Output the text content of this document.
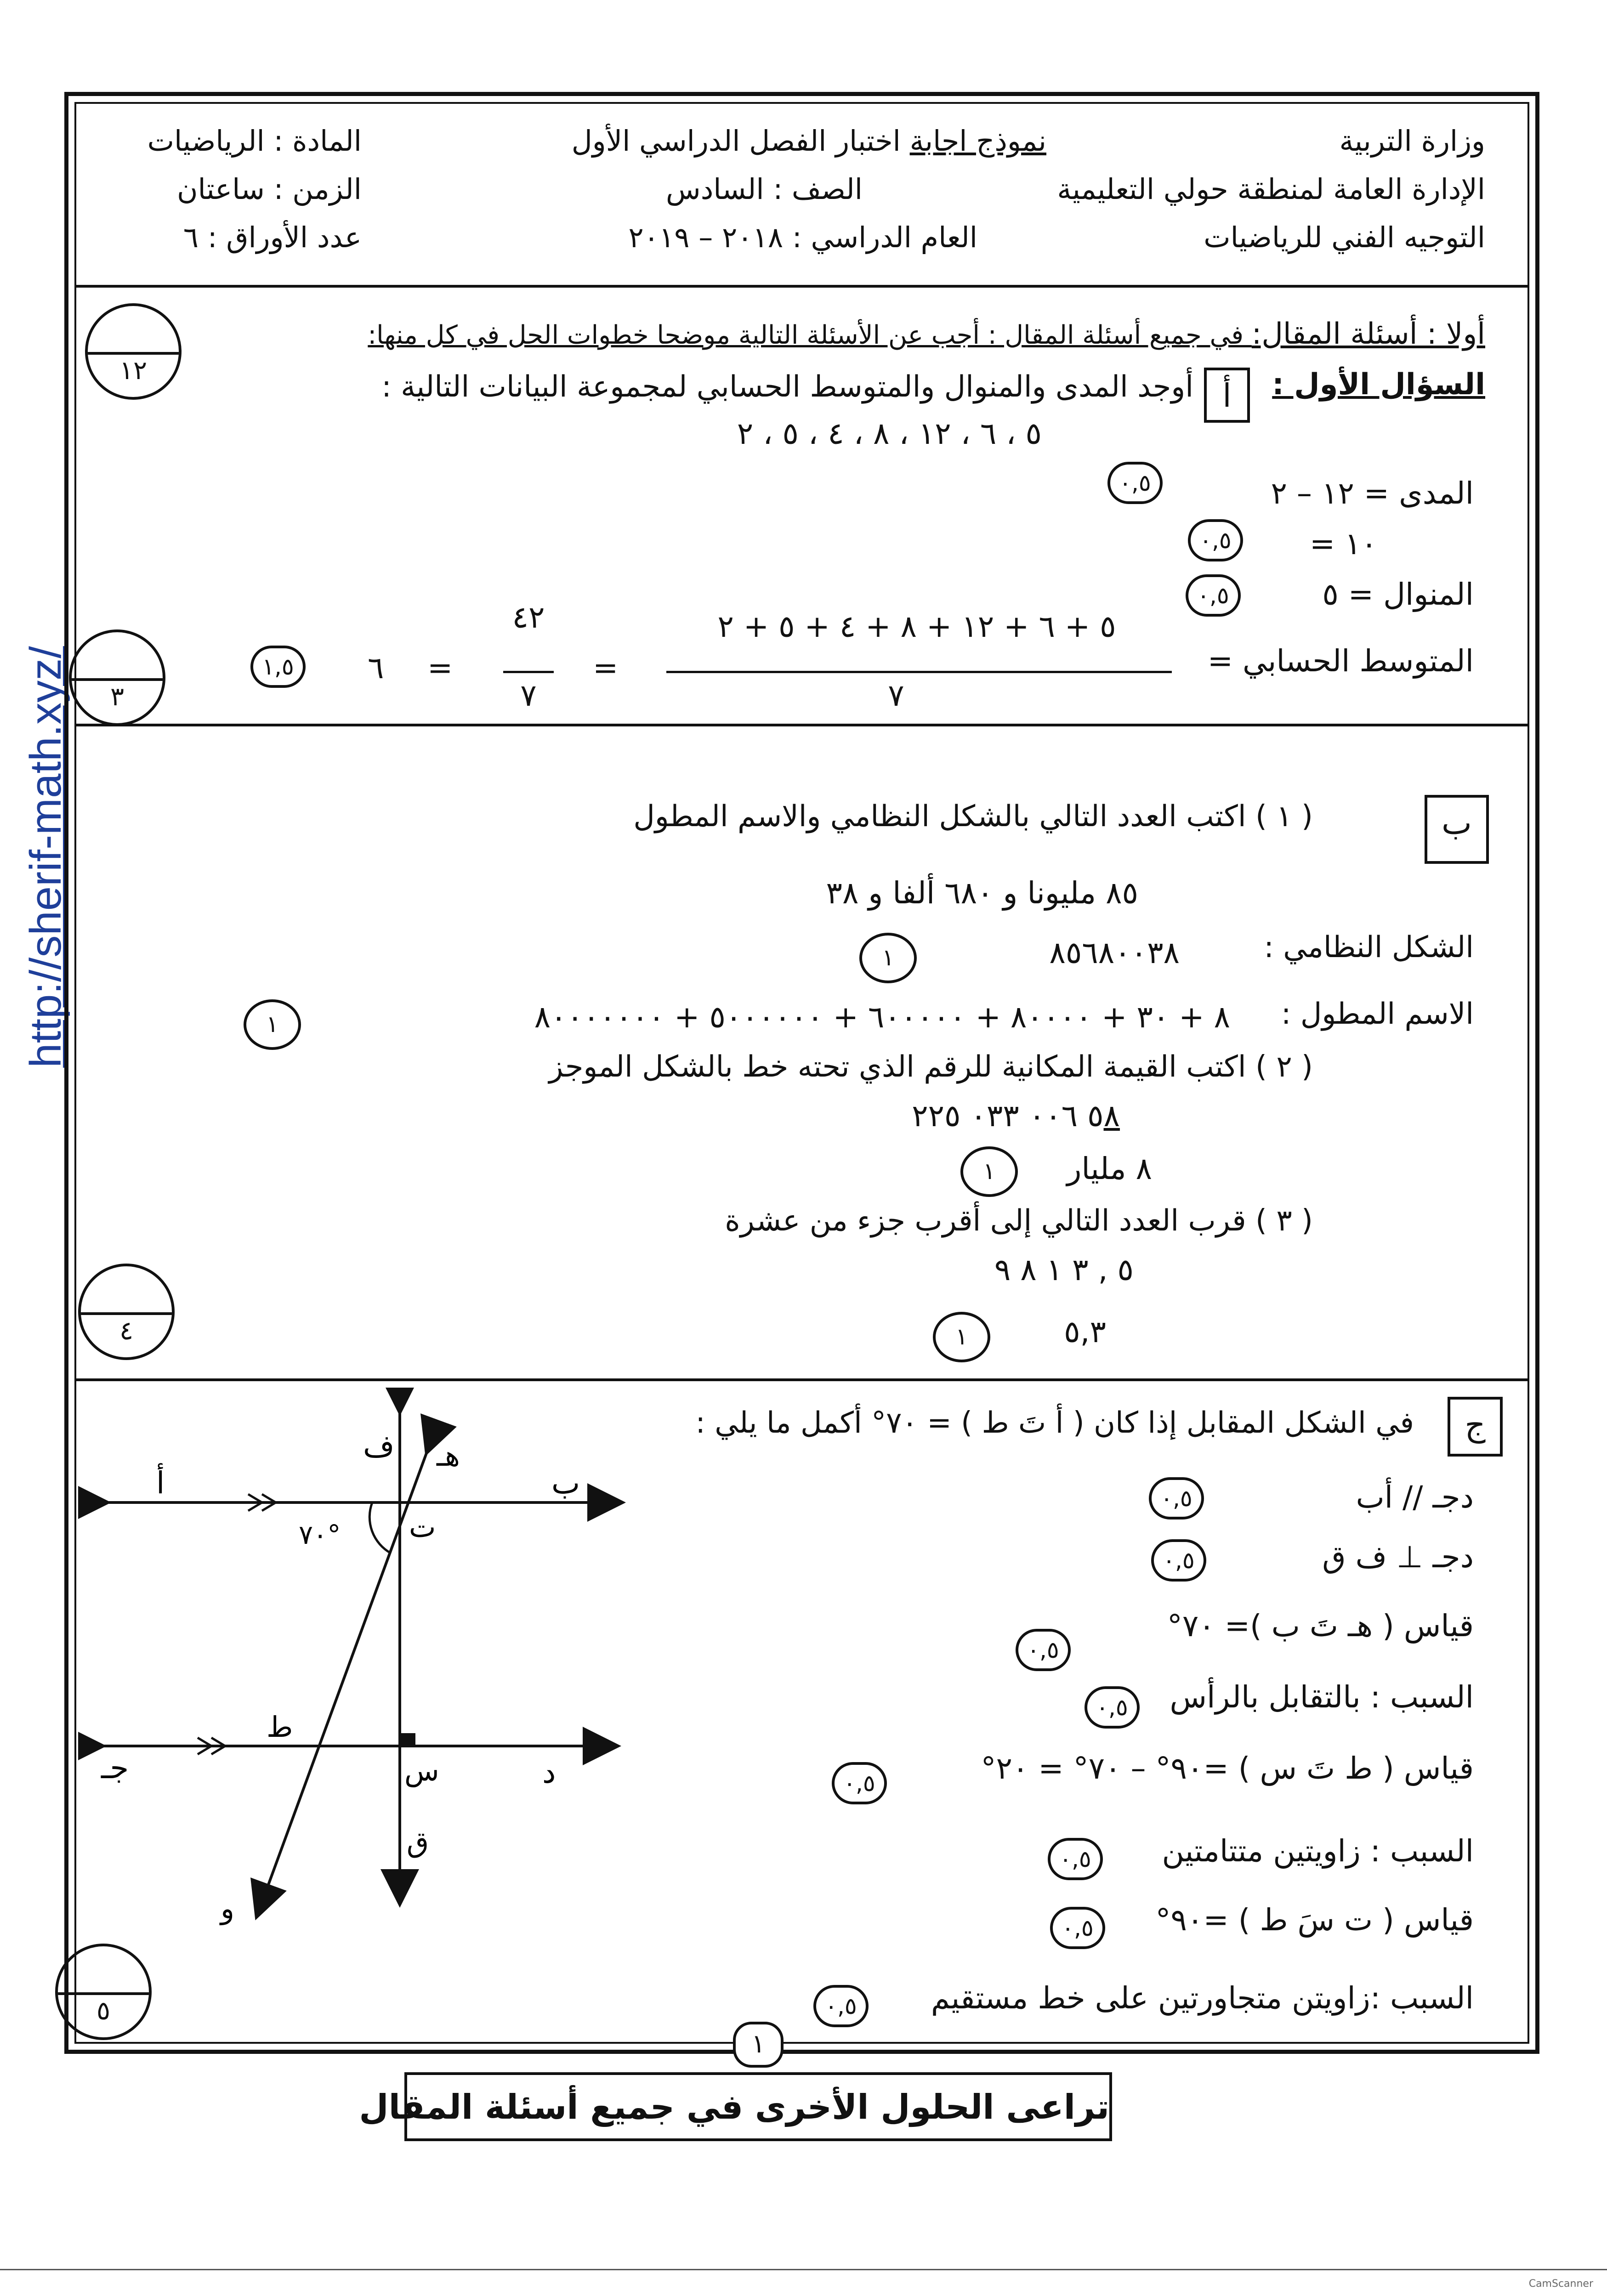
http://sherif-math.xyz/
وزارة التربية
الإدارة العامة لمنطقة حولي التعليمية
التوجيه الفني للرياضيات
نموذج اجابة اختبار الفصل الدراسي الأول
الصف : السادس
العام الدراسي : ٢٠١٨ – ٢٠١٩
المادة : الرياضيات
الزمن : ساعتان
عدد الأوراق : ٦
أولا : أسئلة المقال: في جميع أسئلة المقال : أجب عن الأسئلة التالية موضحا خطوات الحل في كل منها:
السؤال الأول :
أ
أوجد المدى والمنوال والمتوسط الحسابي لمجموعة البيانات التالية :
٥ ، ٦ ، ١٢ ، ٨ ، ٤ ، ٥ ، ٢
المدى = ١٢ – ٢
٠,٥
= ١٠
٠,٥
المنوال = ٥
٠,٥
المتوسط الحسابي =
٥ + ٦ + ١٢ + ٨ + ٤ + ٥ + ٢
٧
=
٤٢
٧
=
٦
١,٥
١٢
٣
ب
( ١ ) اكتب العدد التالي بالشكل النظامي والاسم المطول
٨٥ مليونا و ٦٨٠ ألفا و ٣٨
الشكل النظامي :
٨٥٦٨٠٠٣٨
١
الاسم المطول :
٨ + ٣٠ + ٨٠٠٠٠ + ٦٠٠٠٠٠ + ٥٠٠٠٠٠٠ + ٨٠٠٠٠٠٠٠
١
( ٢ ) اكتب القيمة المكانية للرقم الذي تحته خط بالشكل الموجز
٥٨ ٠٠٦ ٠٣٣ ٢٢٥
٨ مليار
١
( ٣ ) قرب العدد التالي إلى أقرب جزء من عشرة
٥ , ٣ ١ ٨ ٩
٥,٣
١
٤
ج
في الشكل المقابل إذا كان ( أ تَ ط ) = ٧٠° أكمل ما يلي :
دجـ // أب
٠,٥
دجـ ⊥ ف ق
٠,٥
قياس ( هـ تَ ب )= ٧٠°
٠,٥
السبب : بالتقابل بالرأس
٠,٥
قياس ( ط تَ س ) =٩٠° – ٧٠° = ٢٠°
٠,٥
السبب : زاويتين متتامتين
٠,٥
قياس ( ت سَ ط ) =٩٠°
٠,٥
السبب :زاويتن متجاورتين على خط مستقيم
٠,٥
ف هـ
أ	ب
ت
٧٠°
جـ
ط
س	د
ق
و
٥
١
تراعى الحلول الأخرى في جميع أسئلة المقال
CamScanner
